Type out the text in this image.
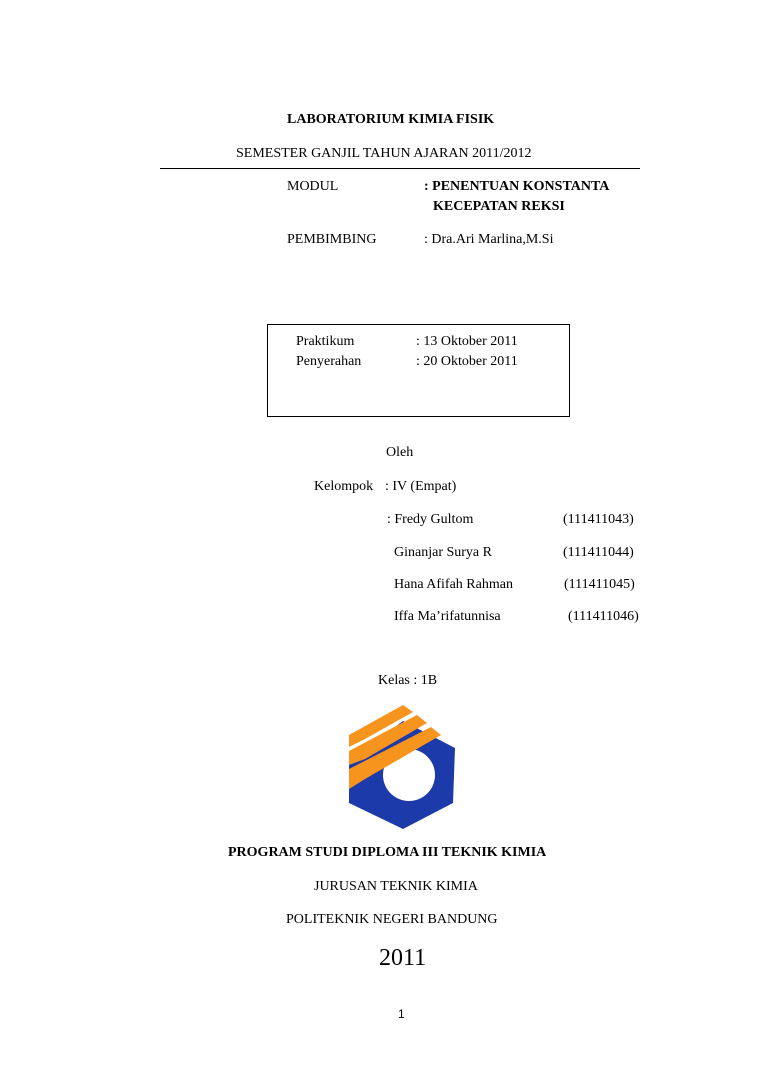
LABORATORIUM KIMIA FISIK
SEMESTER GANJIL TAHUN AJARAN 2011/2012
MODUL	: PENENTUAN KONSTANTA
KECEPATAN REKSI
PEMBIMBING	: Dra.Ari Marlina,M.Si
Praktikum	: 13 Oktober 2011
Penyerahan	: 20 Oktober 2011
Oleh
Kelompok : IV (Empat)
: Fredy Gultom	(111411043)
Ginanjar Surya R	(111411044)
Hana Afifah Rahman	(111411045)
Iffa Ma’rifatunnisa	(111411046)
Kelas : 1B
PROGRAM STUDI DIPLOMA III TEKNIK KIMIA
JURUSAN TEKNIK KIMIA
POLITEKNIK NEGERI BANDUNG
2011
1
